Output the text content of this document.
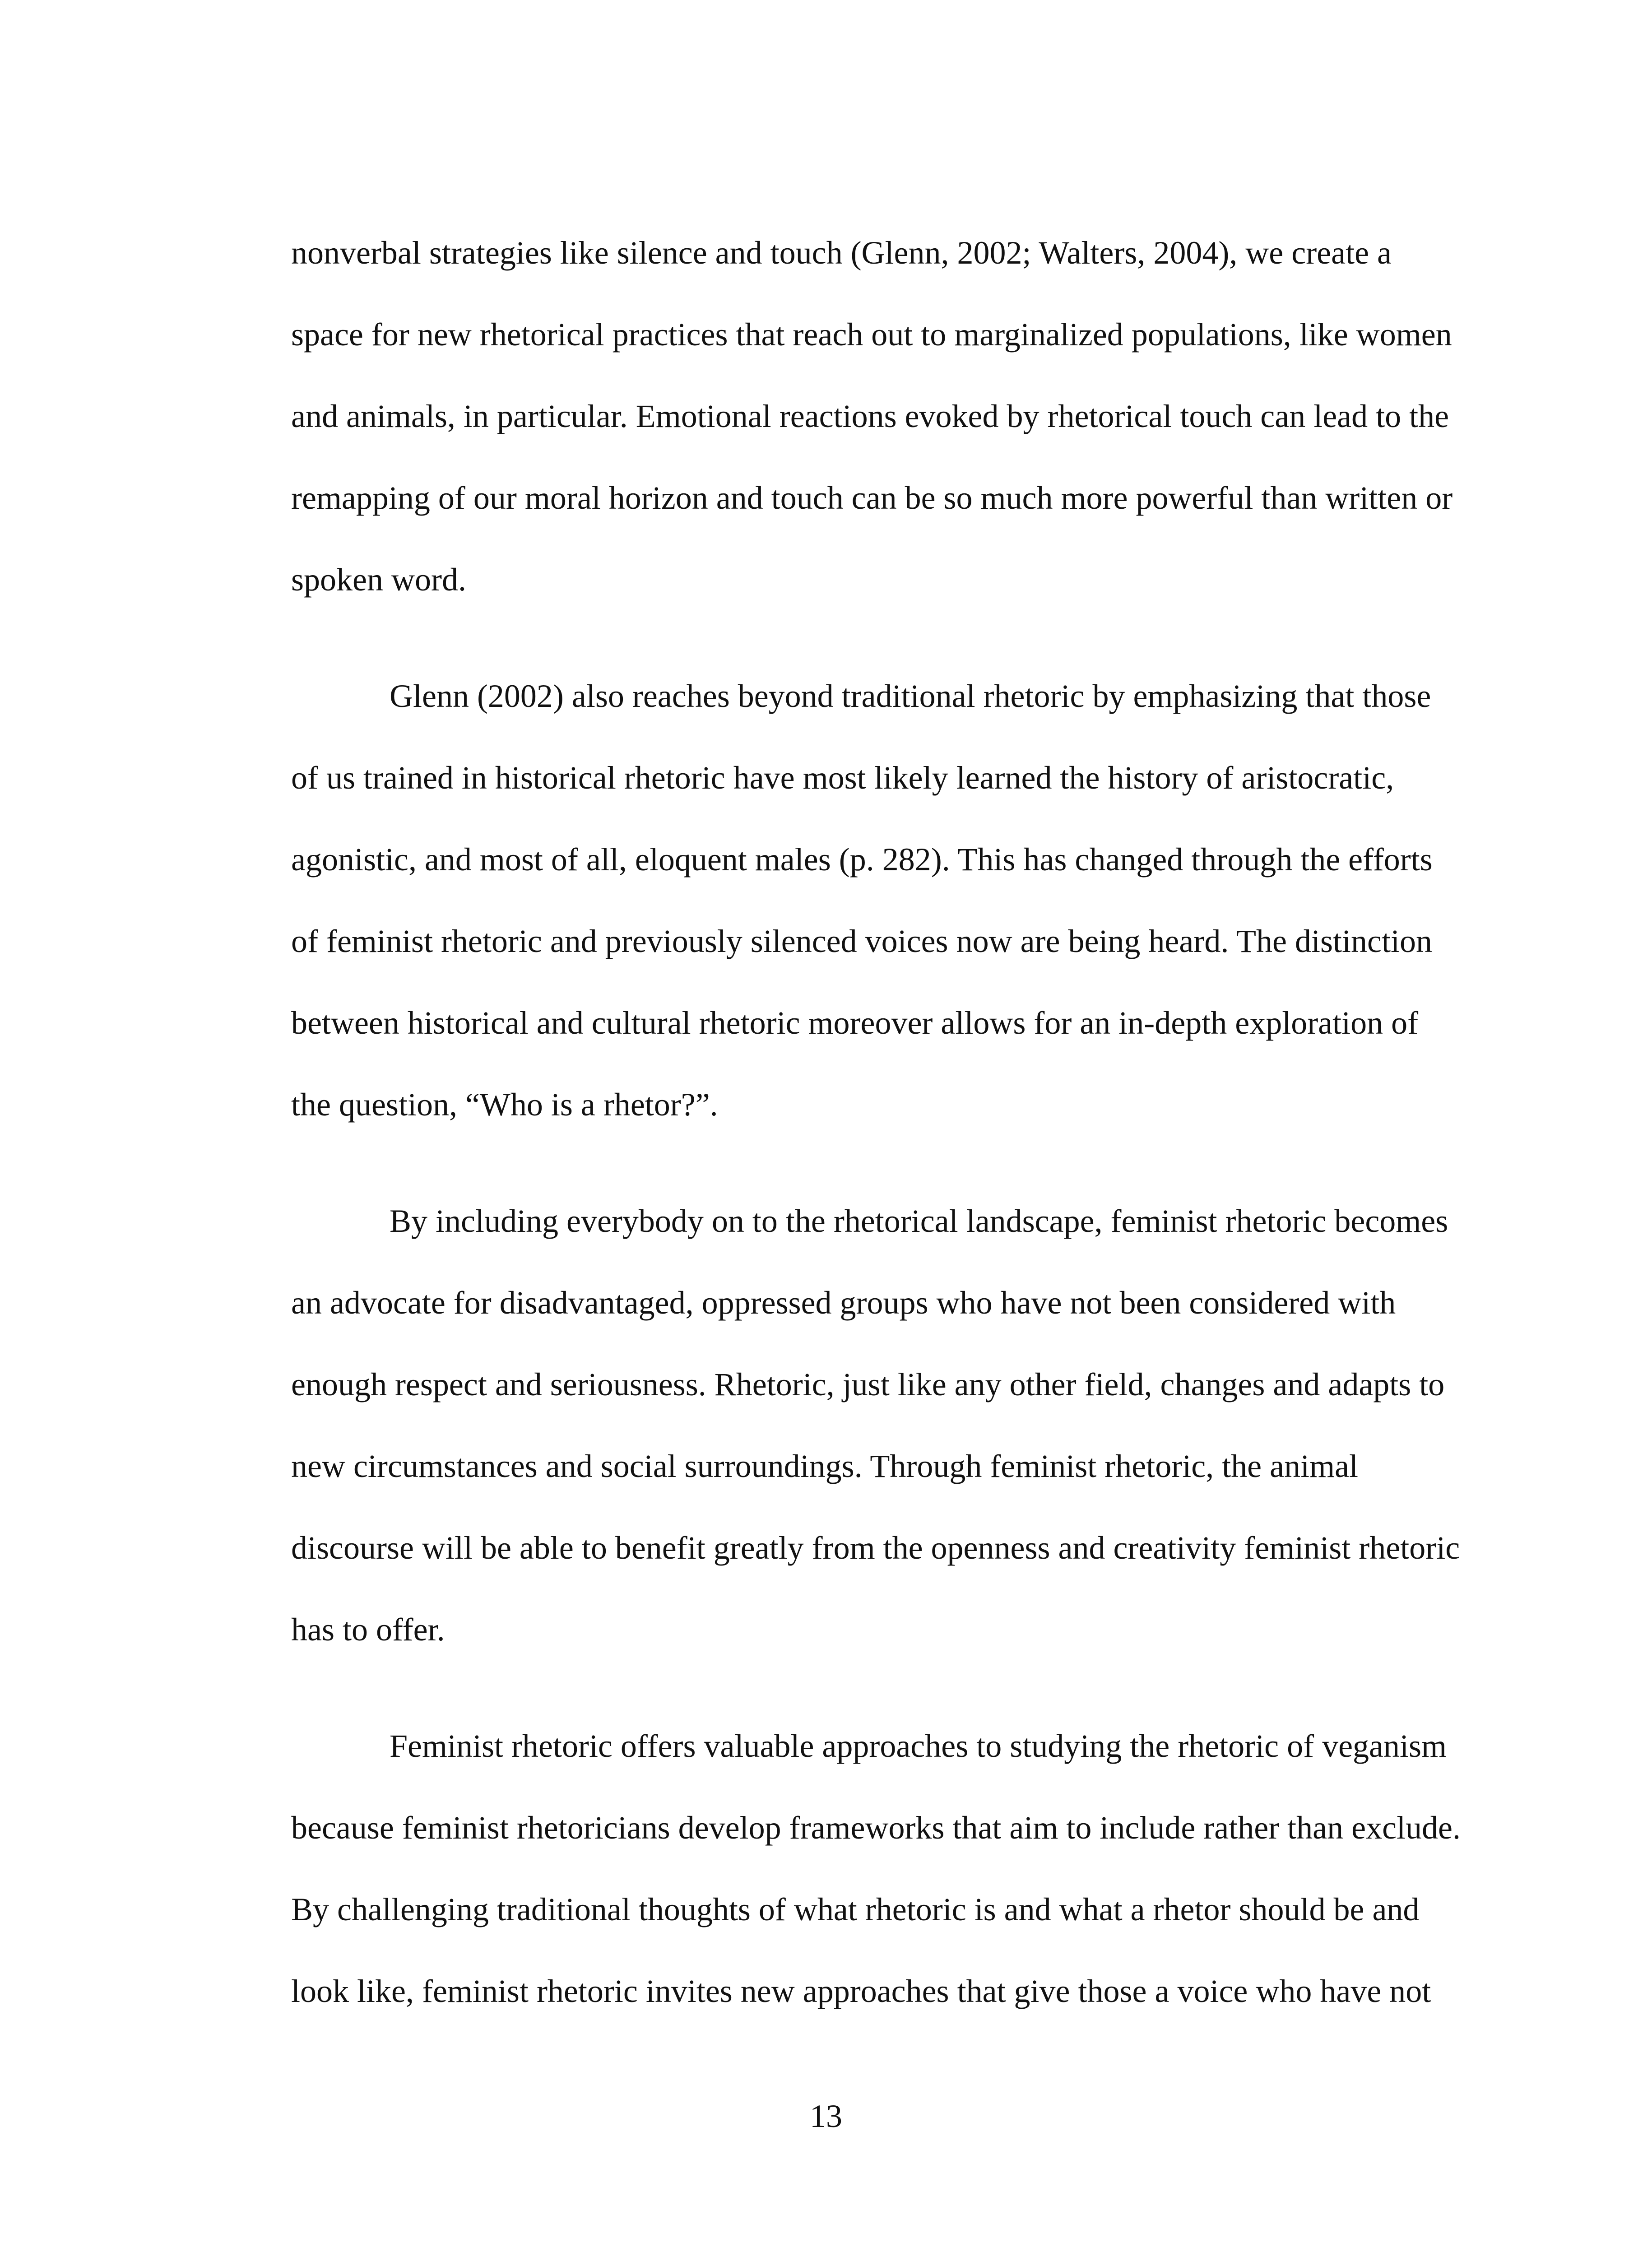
nonverbal strategies like silence and touch (Glenn, 2002; Walters, 2004), we create a
space for new rhetorical practices that reach out to marginalized populations, like women
and animals, in particular. Emotional reactions evoked by rhetorical touch can lead to the
remapping of our moral horizon and touch can be so much more powerful than written or
spoken word.

Glenn (2002) also reaches beyond traditional rhetoric by emphasizing that those
of us trained in historical rhetoric have most likely learned the history of aristocratic,
agonistic, and most of all, eloquent males (p. 282). This has changed through the efforts
of feminist rhetoric and previously silenced voices now are being heard. The distinction
between historical and cultural rhetoric moreover allows for an in-depth exploration of
the question, “Who is a rhetor?”.

By including everybody on to the rhetorical landscape, feminist rhetoric becomes
an advocate for disadvantaged, oppressed groups who have not been considered with
enough respect and seriousness. Rhetoric, just like any other field, changes and adapts to
new circumstances and social surroundings. Through feminist rhetoric, the animal
discourse will be able to benefit greatly from the openness and creativity feminist rhetoric
has to offer.

Feminist rhetoric offers valuable approaches to studying the rhetoric of veganism
because feminist rhetoricians develop frameworks that aim to include rather than exclude.
By challenging traditional thoughts of what rhetoric is and what a rhetor should be and
look like, feminist rhetoric invites new approaches that give those a voice who have not

13
